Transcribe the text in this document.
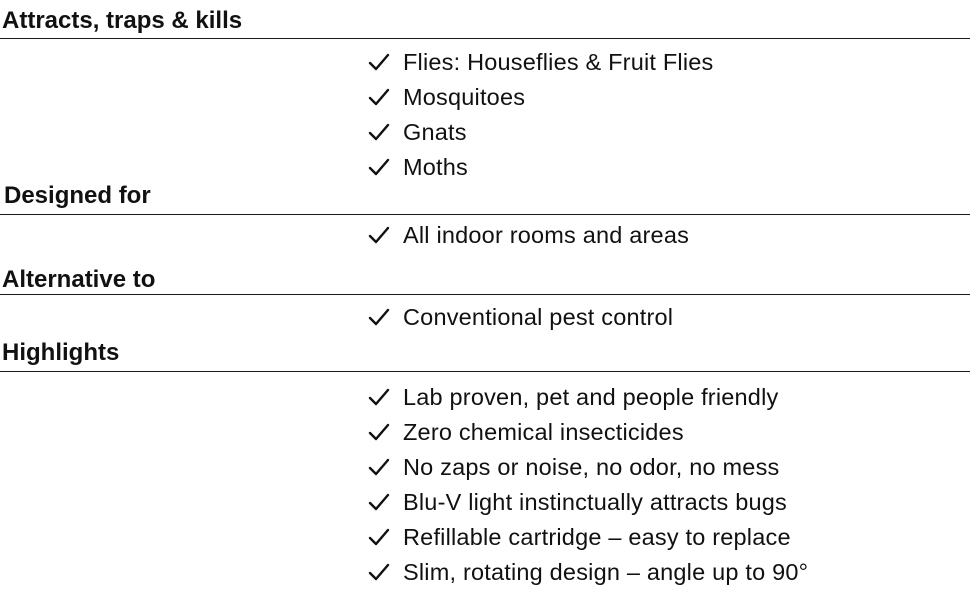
Attracts, traps & kills
Flies: Houseflies & Fruit Flies
Mosquitoes
Gnats
Moths
Designed for
All indoor rooms and areas
Alternative to
Conventional pest control
Highlights
Lab proven, pet and people friendly
Zero chemical insecticides
No zaps or noise, no odor, no mess
Blu-V light instinctually attracts bugs
Refillable cartridge – easy to replace
Slim, rotating design – angle up to 90°
